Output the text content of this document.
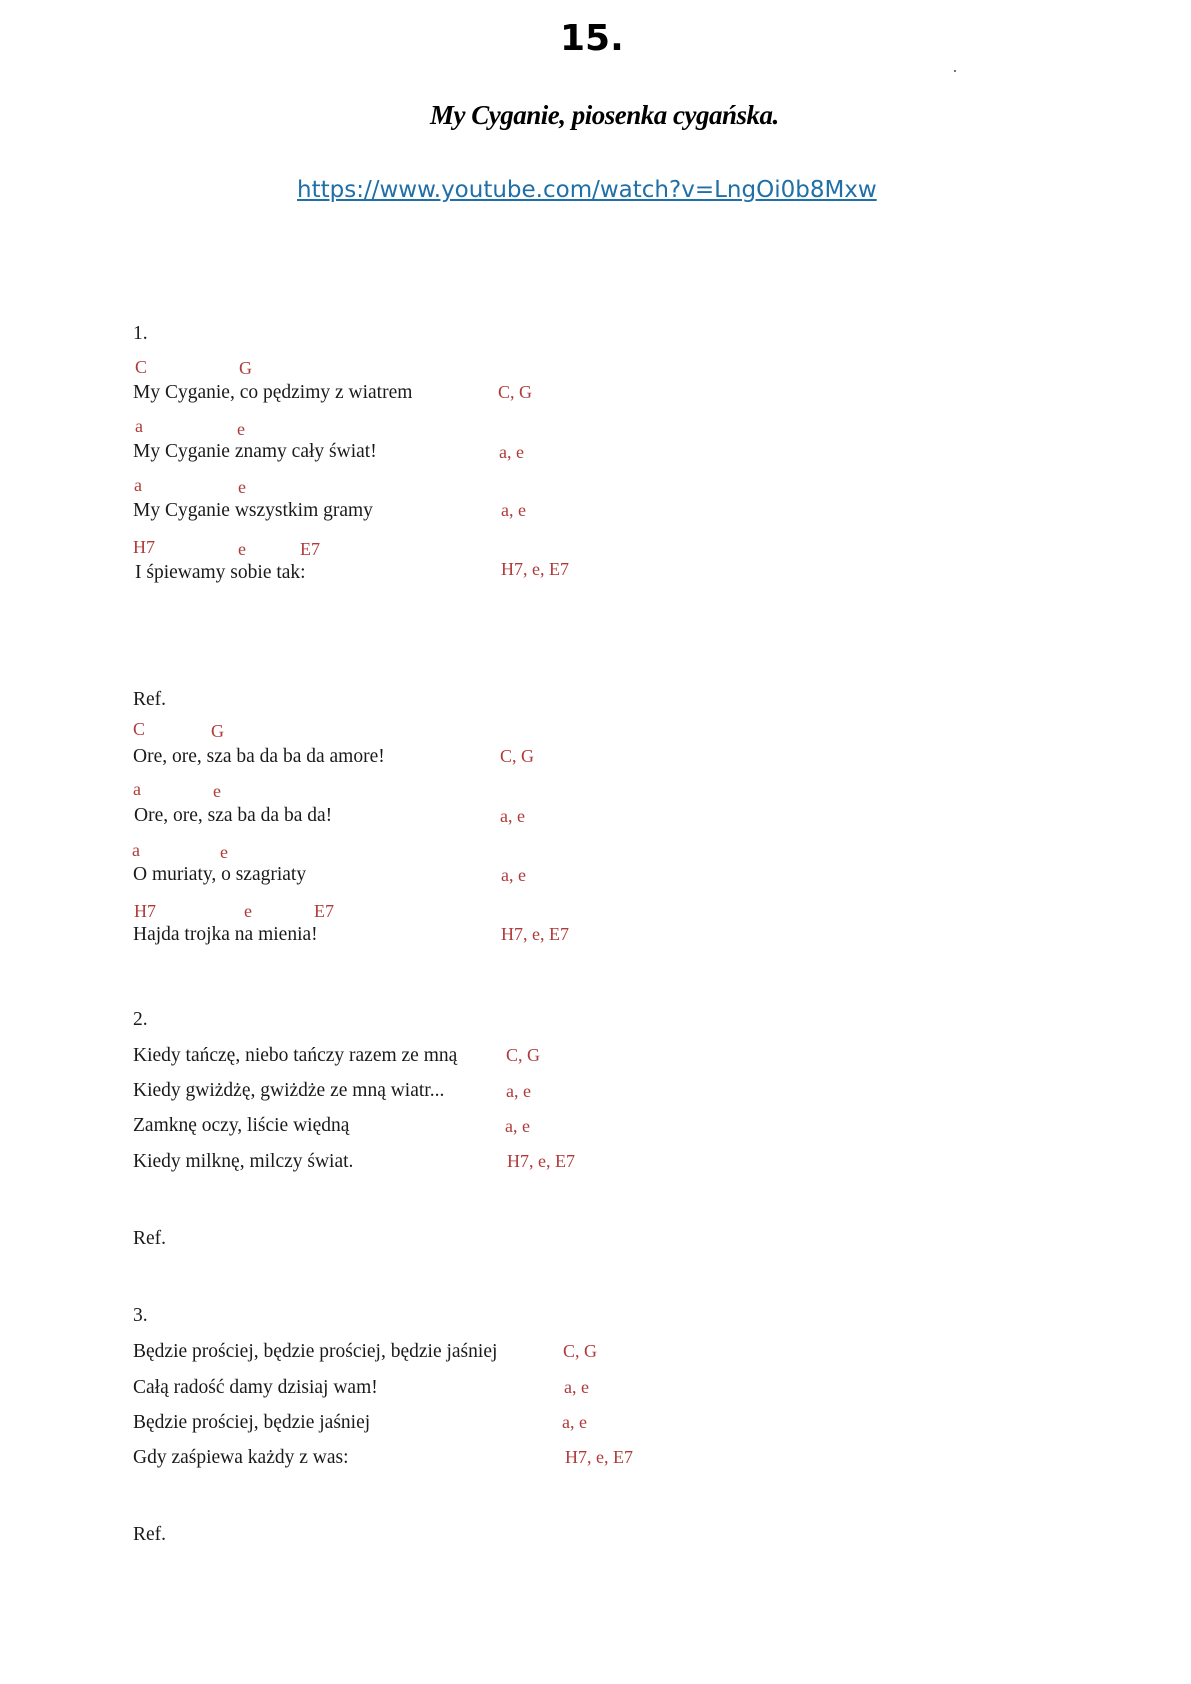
15.
My Cyganie, piosenka cygańska.
https://www.youtube.com/watch?v=LngOi0b8Mxw
1.
C	G
My Cyganie, co pędzimy z wiatrem	C, G
a	e
My Cyganie znamy cały świat!	a, e
a	e
My Cyganie wszystkim gramy	a, e
H7	e	E7
I śpiewamy sobie tak:	H7, e, E7
Ref.
C	G
Ore, ore, sza ba da ba da amore!	C, G
a	e
Ore, ore, sza ba da ba da!	a, e
a	e
O muriaty, o szagriaty	a, e
H7	e	E7
Hajda trojka na mienia!	H7, e, E7
2.
Kiedy tańczę, niebo tańczy razem ze mną	C, G
Kiedy gwiżdżę, gwiżdże ze mną wiatr...	a, e
Zamknę oczy, liście więdną	a, e
Kiedy milknę, milczy świat.	H7, e, E7
Ref.
3.
Będzie prościej, będzie prościej, będzie jaśniej	C, G
Całą radość damy dzisiaj wam!	a, e
Będzie prościej, będzie jaśniej	a, e
Gdy zaśpiewa każdy z was:	H7, e, E7
Ref.
